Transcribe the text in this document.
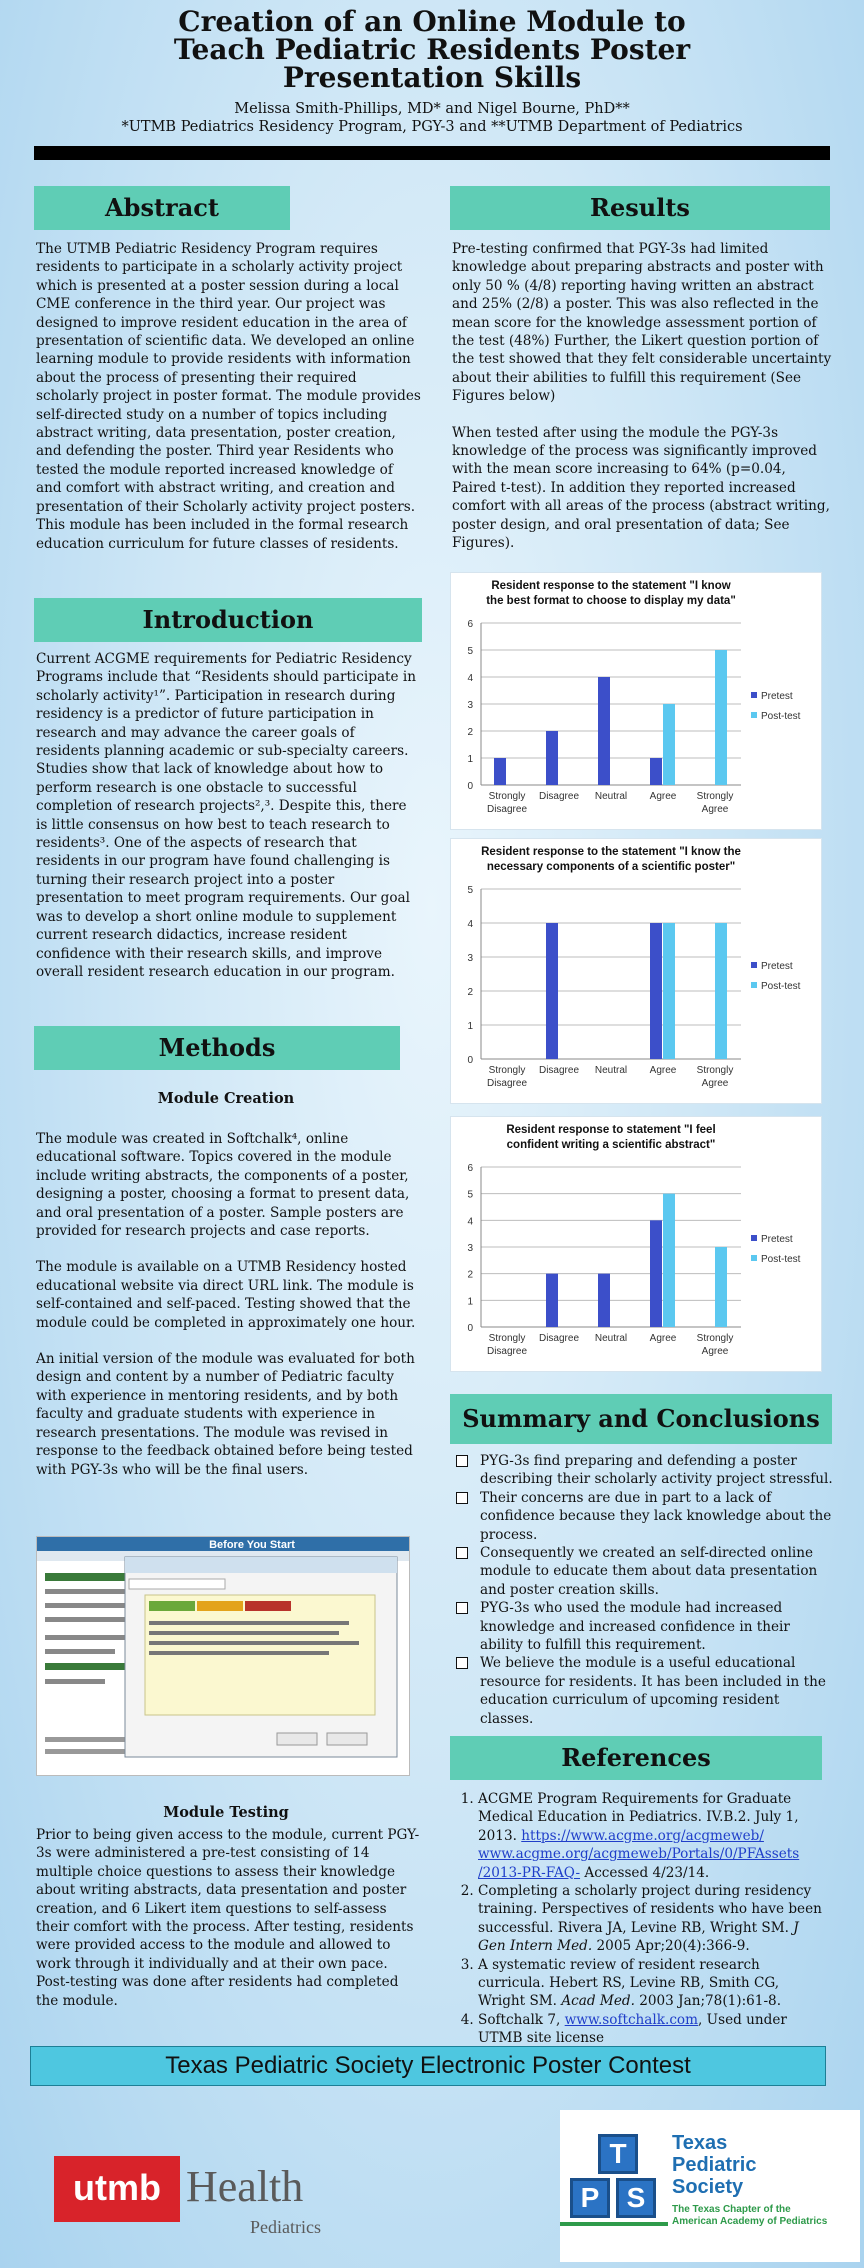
Creation of an Online Module to
Teach Pediatric Residents Poster
Presentation Skills
Melissa Smith-Phillips, MD* and Nigel Bourne, PhD**
*UTMB Pediatrics Residency Program, PGY-3 and **UTMB Department of Pediatrics
Abstract
The UTMB Pediatric Residency Program requires residents to participate in a scholarly activity project which is presented at a poster session during a local CME conference in the third year. Our project was designed to improve resident education in the area of presentation of scientific data. We developed an online learning module to provide residents with information about the process of presenting their required scholarly project in poster format. The module provides self-directed study on a number of topics including abstract writing, data presentation, poster creation, and defending the poster. Third year Residents who tested the module reported increased knowledge of and comfort with abstract writing, and creation and presentation of their Scholarly activity project posters. This module has been included in the formal research education curriculum for future classes of residents.
Introduction
Current ACGME requirements for Pediatric Residency Programs include that “Residents should participate in scholarly activity¹”. Participation in research during residency is a predictor of future participation in research and may advance the career goals of residents planning academic or sub-specialty careers. Studies show that lack of knowledge about how to perform research is one obstacle to successful completion of research projects²,³. Despite this, there is little consensus on how best to teach research to residents³. One of the aspects of research that residents in our program have found challenging is turning their research project into a poster presentation to meet program requirements. Our goal was to develop a short online module to supplement current research didactics, increase resident confidence with their research skills, and improve overall resident research education in our program.
Methods
Module Creation

The module was created in Softchalk⁴, online educational software. Topics covered in the module include writing abstracts, the components of a poster, designing a poster, choosing a format to present data, and oral presentation of a poster. Sample posters are provided for research projects and case reports.

The module is available on a UTMB Residency hosted educational website via direct URL link. The module is self-contained and self-paced. Testing showed that the module could be completed in approximately one hour.

An initial version of the module was evaluated for both design and content by a number of Pediatric faculty with experience in mentoring residents, and by both faculty and graduate students with experience in research presentations. The module was revised in response to the feedback obtained before being tested with PGY-3s who will be the final users.

Before You Start
Module Testing
Prior to being given access to the module, current PGY-3s were administered a pre-test consisting of 14 multiple choice questions to assess their knowledge about writing abstracts, data presentation and poster creation, and 6 Likert item questions to self-assess their comfort with the process. After testing, residents were provided access to the module and allowed to work through it individually and at their own pace. Post-testing was done after residents had completed the module.
Results

Pre-testing confirmed that PGY-3s had limited knowledge about preparing abstracts and poster with only 50 % (4/8) reporting having written an abstract and 25% (2/8) a poster. This was also reflected in the mean score for the knowledge assessment portion of the test (48%) Further, the Likert question portion of the test showed that they felt considerable uncertainty about their abilities to fulfill this requirement (See Figures below)

When tested after using the module the PGY-3s knowledge of the process was significantly improved with the mean score increasing to 64% (p=0.04, Paired t-test). In addition they reported increased comfort with all areas of the process (abstract writing, poster design, and oral presentation of data; See Figures).

Resident response to the statement "I know
the best format to choose to display my data"
0
1
2
3
4
5
6
Strongly
Disagree
Disagree Neutral Agree Strongly
Agree
Pretest
Post-test
Resident response to the statement "I know the
necessary components of a scientific poster"
0
1
2
3
4
5
Strongly
Disagree
Disagree Neutral Agree Strongly
Agree
Pretest
Post-test
Resident response to statement "I feel
confident writing a scientific abstract"
0
1
2
3
4
5
6
Strongly
Disagree
Disagree Neutral Agree Strongly
Agree
Pretest
Post-test
Summary and Conclusions
PYG-3s find preparing and defending a poster describing their scholarly activity project stressful.
Their concerns are due in part to a lack of confidence because they lack knowledge about the process.
Consequently we created an self-directed online module to educate them about data presentation and poster creation skills.
PYG-3s who used the module had increased knowledge and increased confidence in their ability to fulfill this requirement.
We believe the module is a useful educational resource for residents. It has been included in the education curriculum of upcoming resident classes.
References
1. ACGME Program Requirements for Graduate Medical Education in Pediatrics. IV.B.2. July 1, 2013. https://www.acgme.org/acgmeweb/ www.acgme.org/acgmeweb/Portals/0/PFAssets /2013-PR-FAQ- Accessed 4/23/14.
2. Completing a scholarly project during residency training. Perspectives of residents who have been successful. Rivera JA, Levine RB, Wright SM. J Gen Intern Med. 2005 Apr;20(4):366-9.
3. A systematic review of resident research curricula. Hebert RS, Levine RB, Smith CG, Wright SM. Acad Med. 2003 Jan;78(1):61-8.
4. Softchalk 7, www.softchalk.com, Used under UTMB site license
Texas Pediatric Society Electronic Poster Contest
utmb Health
Pediatrics
T
P S
Texas
Pediatric
Society
The Texas Chapter of the
American Academy of Pediatrics
